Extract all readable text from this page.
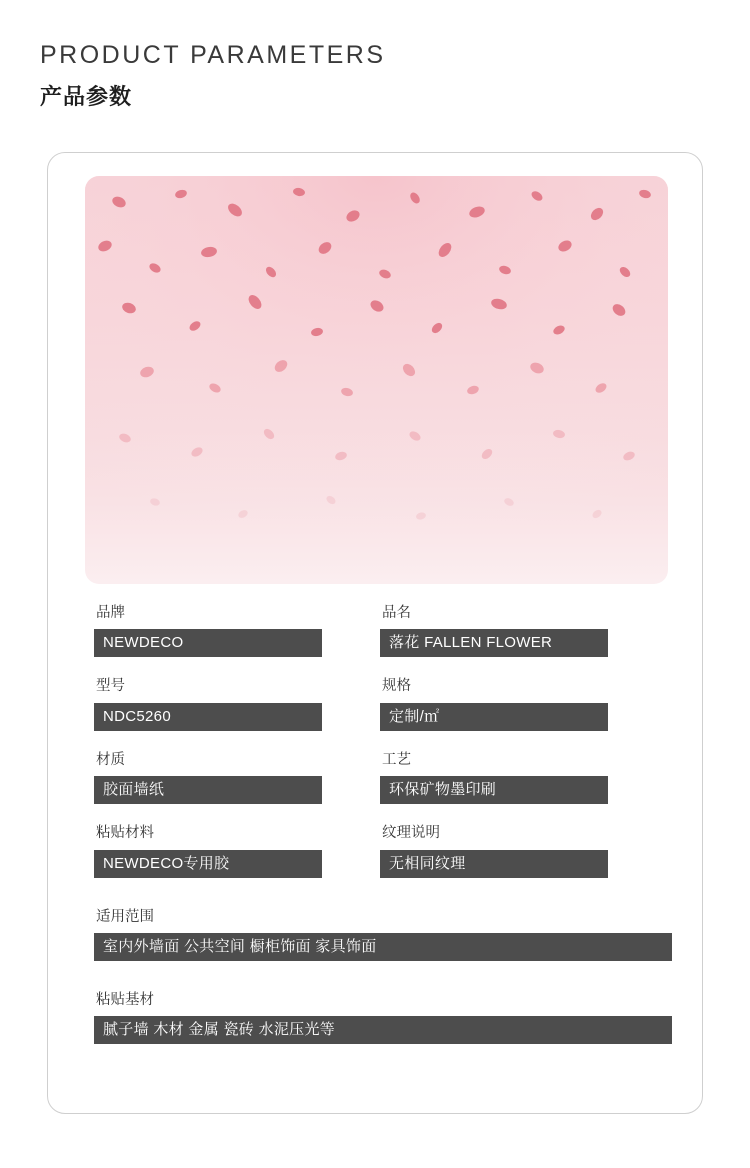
PRODUCT PARAMETERS
产品参数
品牌
NEWDECO
品名
落花 FALLEN FLOWER
型号
NDC5260
规格
定制/㎡
材质
胶面墙纸
工艺
环保矿物墨印刷
粘贴材料
NEWDECO专用胶
纹理说明
无相同纹理
适用范围
室内外墙面 公共空间 橱柜饰面 家具饰面
粘贴基材
腻子墙 木材 金属 瓷砖 水泥压光等
